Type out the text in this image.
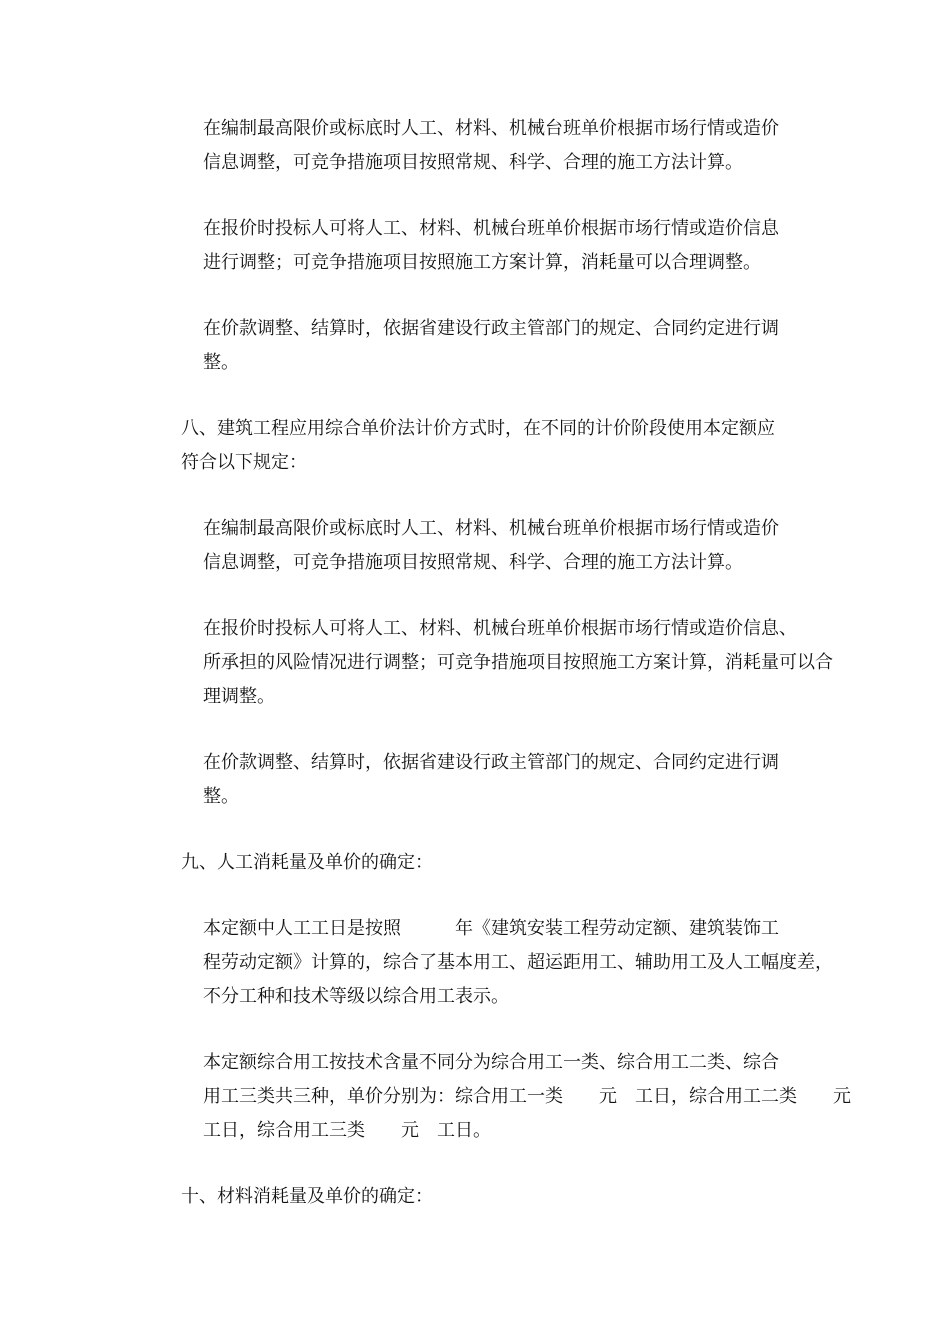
在编制最高限价或标底时人工、材料、机械台班单价根据市场行情或造价
信息调整，可竞争措施项目按照常规、科学、合理的施工方法计算。

在报价时投标人可将人工、材料、机械台班单价根据市场行情或造价信息
进行调整；可竞争措施项目按照施工方案计算，消耗量可以合理调整。

在价款调整、结算时，依据省建设行政主管部门的规定、合同约定进行调
整。

八、建筑工程应用综合单价法计价方式时，在不同的计价阶段使用本定额应
符合以下规定：

在编制最高限价或标底时人工、材料、机械台班单价根据市场行情或造价
信息调整，可竞争措施项目按照常规、科学、合理的施工方法计算。

在报价时投标人可将人工、材料、机械台班单价根据市场行情或造价信息、
所承担的风险情况进行调整；可竞争措施项目按照施工方案计算，消耗量可以合
理调整。

在价款调整、结算时，依据省建设行政主管部门的规定、合同约定进行调
整。

九、人工消耗量及单价的确定：

本定额中人工工日是按照　　　年《建筑安装工程劳动定额、建筑装饰工
程劳动定额》计算的，综合了基本用工、超运距用工、辅助用工及人工幅度差，
不分工种和技术等级以综合用工表示。

本定额综合用工按技术含量不同分为综合用工一类、综合用工二类、综合
用工三类共三种，单价分别为：综合用工一类　　元　工日，综合用工二类　　元
工日，综合用工三类　　元　工日。

十、材料消耗量及单价的确定：
